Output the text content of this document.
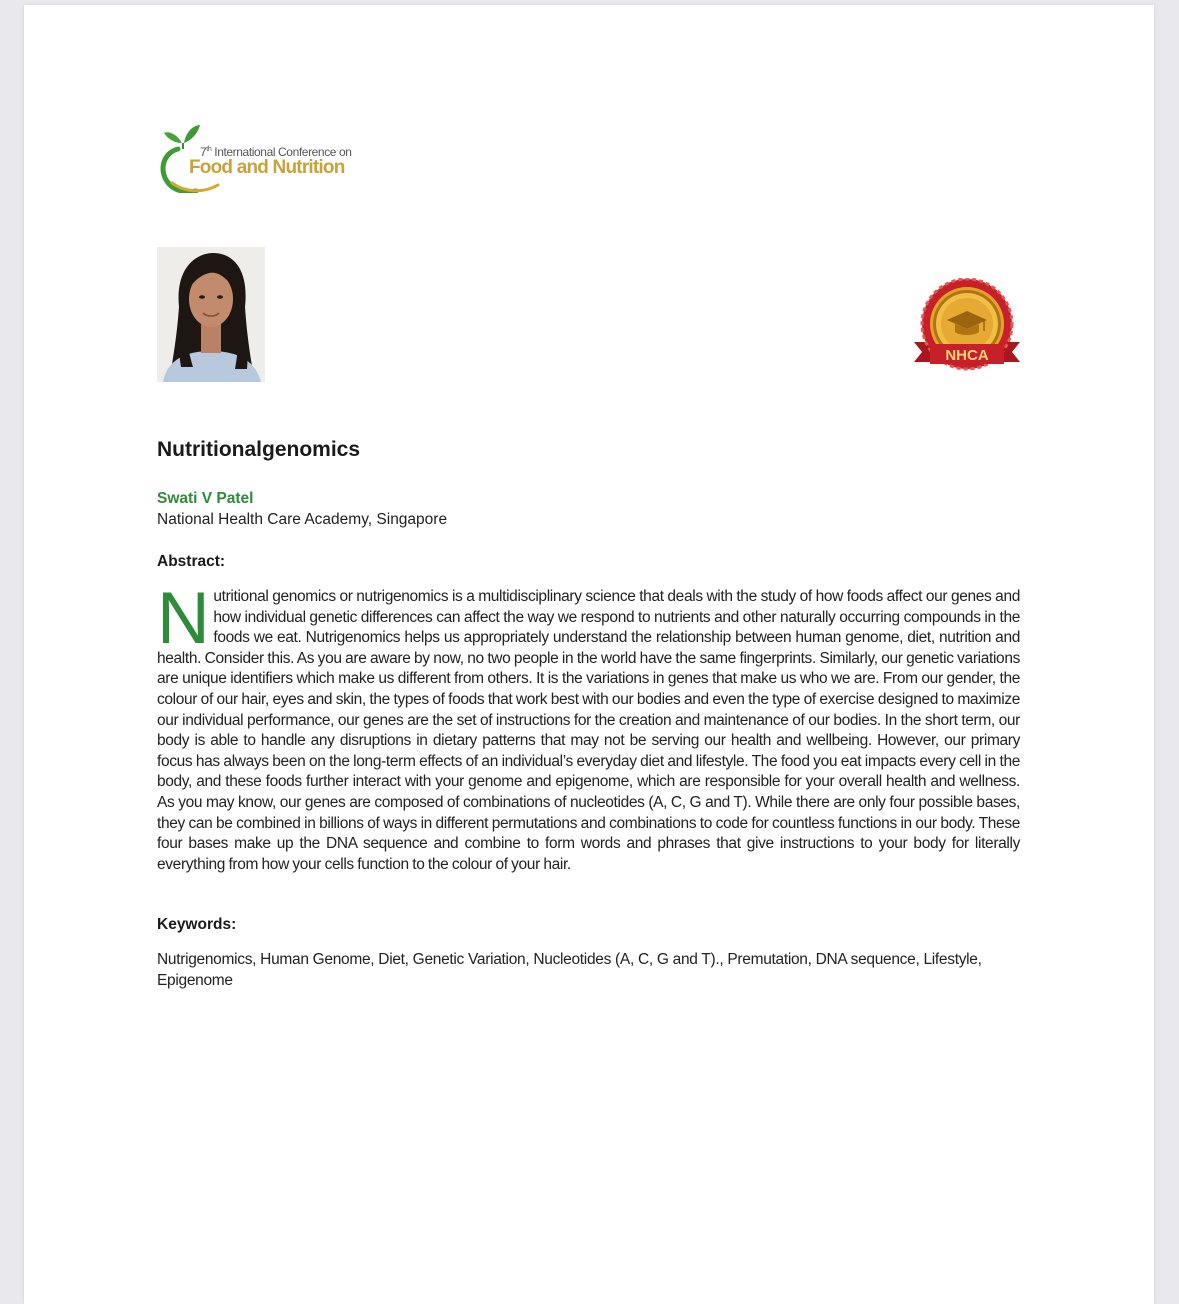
7th International Conference on
Food and Nutrition
NHCA
Nutritionalgenomics
Swati V Patel
National Health Care Academy, Singapore
Abstract:
Nutritional genomics or nutrigenomics is a multidisciplinary science that deals with the study of how foods affect our genes and how individual genetic differences can affect the way we respond to nutrients and other naturally occurring compounds in the foods we eat. Nutrigenomics helps us appropriately understand the relationship between human genome, diet, nutrition and health. Consider this. As you are aware by now, no two people in the world have the same fingerprints. Similarly, our genetic variations are unique identifiers which make us different from others. It is the variations in genes that make us who we are. From our gender, the colour of our hair, eyes and skin, the types of foods that work best with our bodies and even the type of exercise designed to maximize our individual performance, our genes are the set of instructions for the creation and maintenance of our bodies. In the short term, our body is able to handle any disruptions in dietary patterns that may not be serving our health and wellbeing. However, our primary focus has always been on the long-term effects of an individual’s everyday diet and lifestyle. The food you eat impacts every cell in the body, and these foods further interact with your genome and epigenome, which are responsible for your overall health and wellness. As you may know, our genes are composed of combinations of nucleotides (A, C, G and T). While there are only four possible bases, they can be combined in billions of ways in different permutations and combinations to code for countless functions in our body. These four bases make up the DNA sequence and combine to form words and phrases that give instructions to your body for literally everything from how your cells function to the colour of your hair.
Keywords:
Nutrigenomics, Human Genome, Diet, Genetic Variation, Nucleotides (A, C, G and T)., Premutation, DNA sequence, Lifestyle, Epigenome
